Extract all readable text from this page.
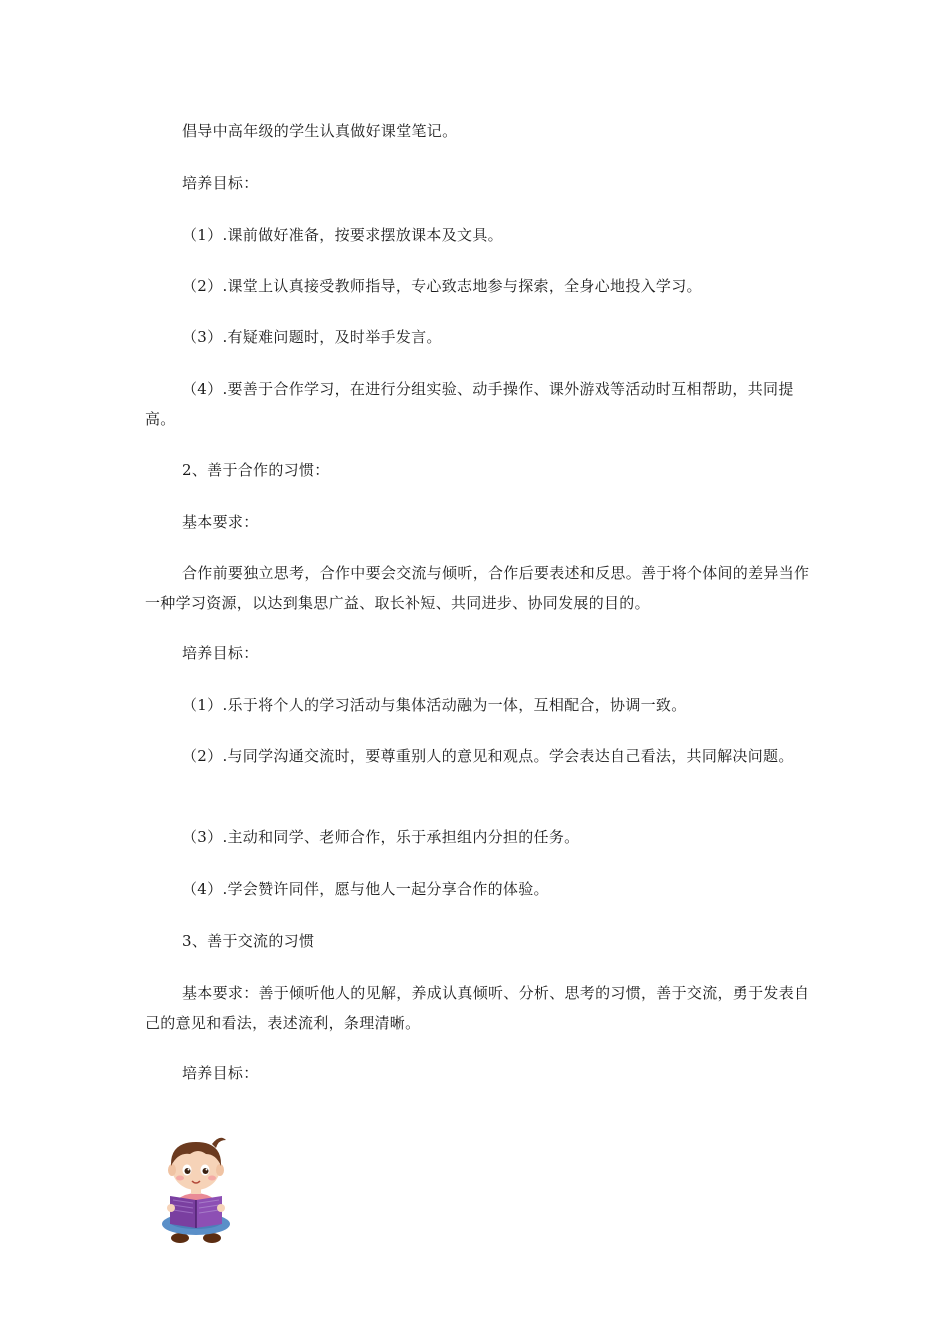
倡导中高年级的学生认真做好课堂笔记。

培养目标：

（1）.课前做好准备，按要求摆放课本及文具。

（2）.课堂上认真接受教师指导，专心致志地参与探索，全身心地投入学习。

（3）.有疑难问题时，及时举手发言。

（4）.要善于合作学习，在进行分组实验、动手操作、课外游戏等活动时互相帮助，共同提高。

2、善于合作的习惯：

基本要求：

合作前要独立思考，合作中要会交流与倾听，合作后要表述和反思。善于将个体间的差异当作一种学习资源，以达到集思广益、取长补短、共同进步、协同发展的目的。

培养目标：

（1）.乐于将个人的学习活动与集体活动融为一体，互相配合，协调一致。

（2）.与同学沟通交流时，要尊重别人的意见和观点。学会表达自己看法，共同解决问题。

（3）.主动和同学、老师合作，乐于承担组内分担的任务。

（4）.学会赞许同伴，愿与他人一起分享合作的体验。

3、善于交流的习惯

基本要求：善于倾听他人的见解，养成认真倾听、分析、思考的习惯，善于交流，勇于发表自己的意见和看法，表述流利，条理清晰。

培养目标：
